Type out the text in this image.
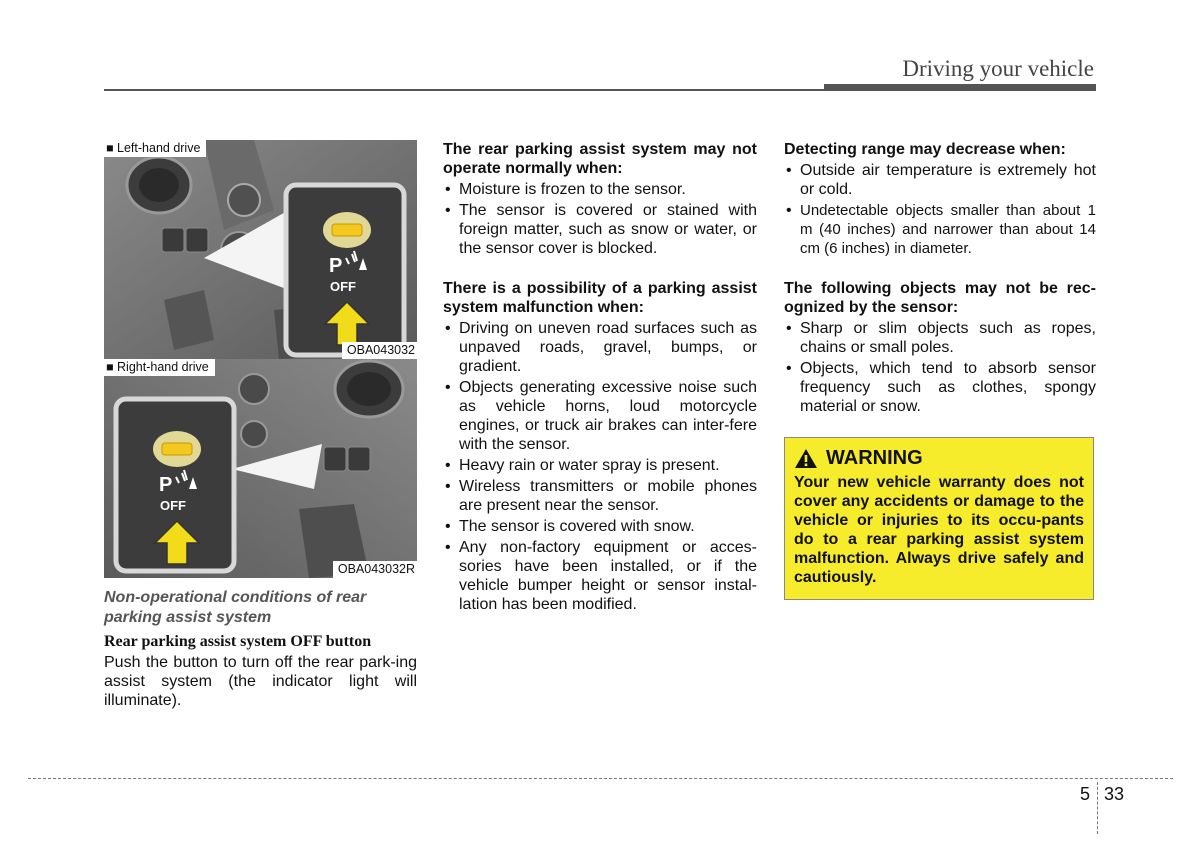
Driving your vehicle
P
OFF
■ Left-hand drive
OBA043032
P
OFF
■ Right-hand drive
OBA043032R
Non-operational conditions of rear parking assist system
Rear parking assist system OFF button
Push the button to turn off the rear park-ing assist system (the indicator light will illuminate).
The rear parking assist system may not operate normally when:
• Moisture is frozen to the sensor.
• The sensor is covered or stained with foreign matter, such as snow or water, or the sensor cover is blocked.
There is a possibility of a parking assist system malfunction when:
• Driving on uneven road surfaces such as unpaved roads, gravel, bumps, or gradient.
• Objects generating excessive noise such as vehicle horns, loud motorcycle engines, or truck air brakes can inter-fere with the sensor.
• Heavy rain or water spray is present.
• Wireless transmitters or mobile phones are present near the sensor.
• The sensor is covered with snow.
• Any non-factory equipment or acces-sories have been installed, or if the vehicle bumper height or sensor instal-lation has been modified.
Detecting range may decrease when:
• Outside air temperature is extremely hot or cold.
• Undetectable objects smaller than about 1 m (40 inches) and narrower than about 14 cm (6 inches) in diameter.
The following objects may not be rec-ognized by the sensor:
• Sharp or slim objects such as ropes, chains or small poles.
• Objects, which tend to absorb sensor frequency such as clothes, spongy material or snow.
WARNING
Your new vehicle warranty does not cover any accidents or damage to the vehicle or injuries to its occu-pants do to a rear parking assist system malfunction. Always drive safely and cautiously.
5 33
